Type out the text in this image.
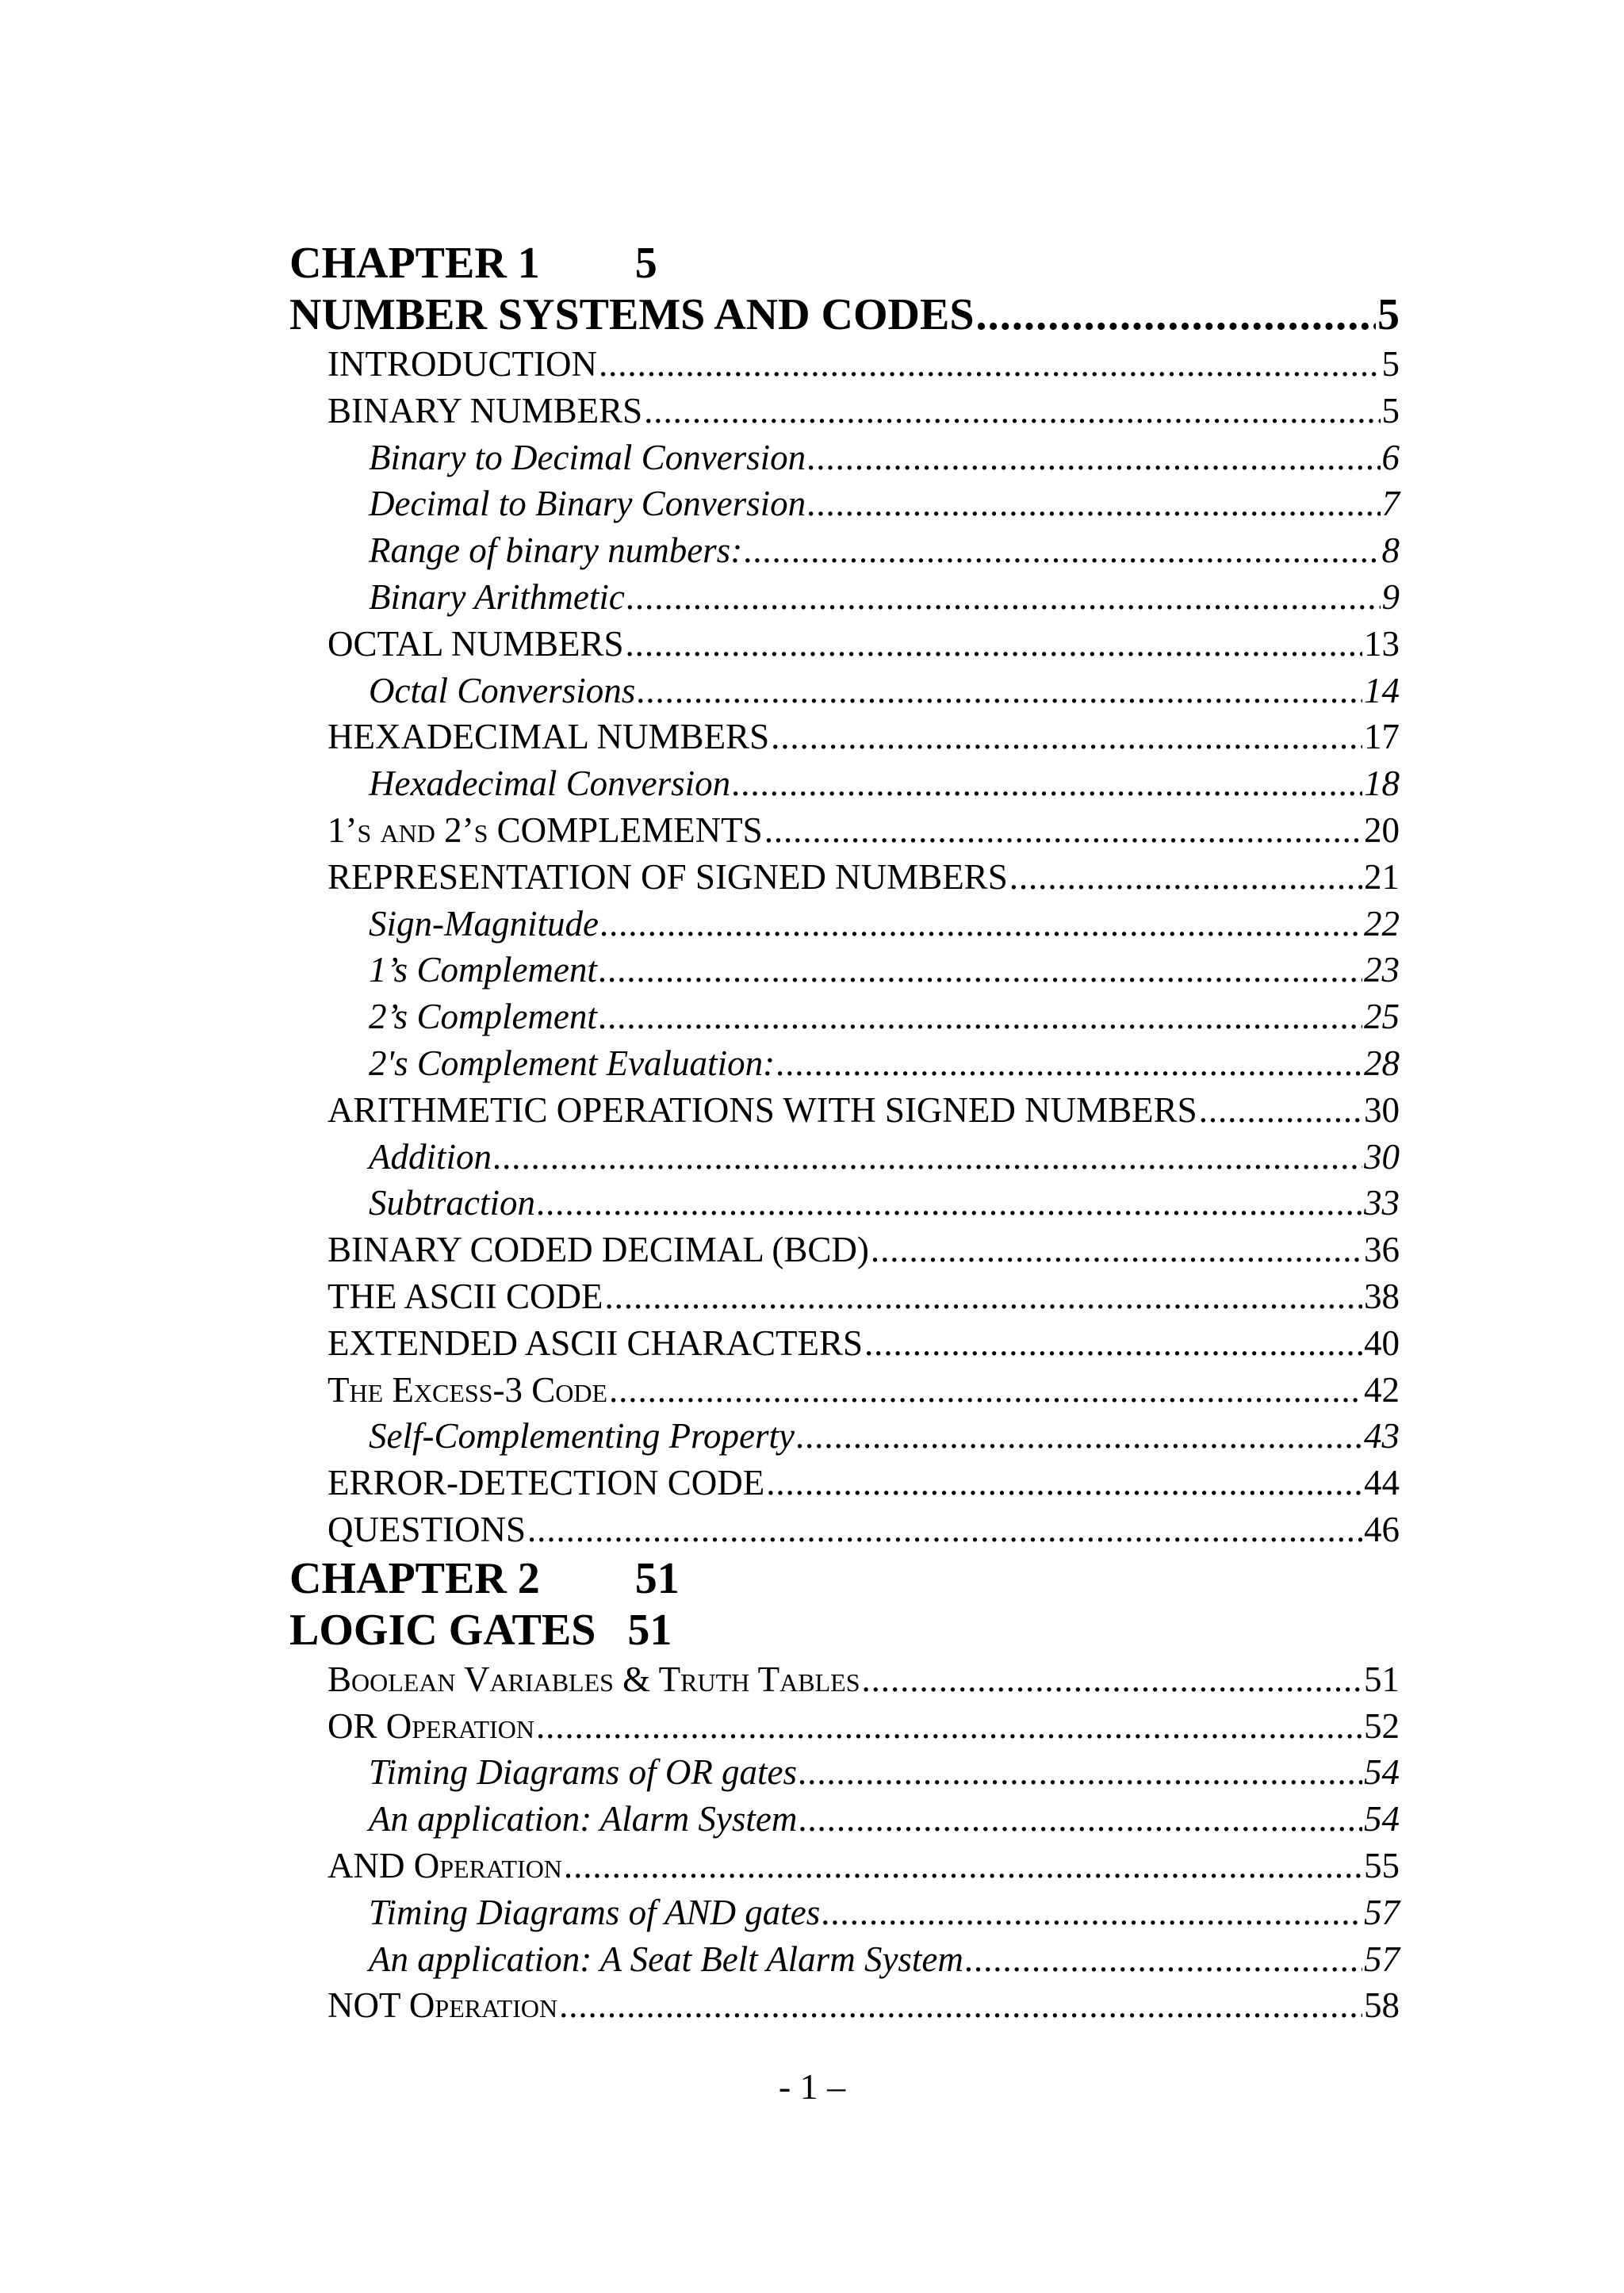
CHAPTER 1 5
NUMBER SYSTEMS AND CODES .....	5
INTRODUCTION .....	5
BINARY NUMBERS .....	5
Binary to Decimal Conversion .....	6
Decimal to Binary Conversion .....	7
Range of binary numbers: .....	8
Binary Arithmetic .....	9
OCTAL NUMBERS .....	13
Octal Conversions .....	14
HEXADECIMAL NUMBERS .....	17
Hexadecimal Conversion .....	18
1’s and 2’s COMPLEMENTS .....	20
REPRESENTATION OF SIGNED NUMBERS .....	21
Sign-Magnitude .....	22
1’s Complement .....	23
2’s Complement .....	25
2's Complement Evaluation: .....	28
ARITHMETIC OPERATIONS WITH SIGNED NUMBERS .....	30
Addition .....	30
Subtraction .....	33
BINARY CODED DECIMAL (BCD) .....	36
THE ASCII CODE .....	38
EXTENDED ASCII CHARACTERS .....	40
The Excess-3 Code .....	42
Self-Complementing Property .....	43
ERROR-DETECTION CODE .....	44
QUESTIONS .....	46
CHAPTER 2 51
LOGIC GATES 51
Boolean Variables & Truth Tables .....	51
OR Operation .....	52
Timing Diagrams of OR gates .....	54
An application: Alarm System .....	54
AND Operation .....	55
Timing Diagrams of AND gates .....	57
An application: A Seat Belt Alarm System .....	57
NOT Operation .....	58
- 1 –
